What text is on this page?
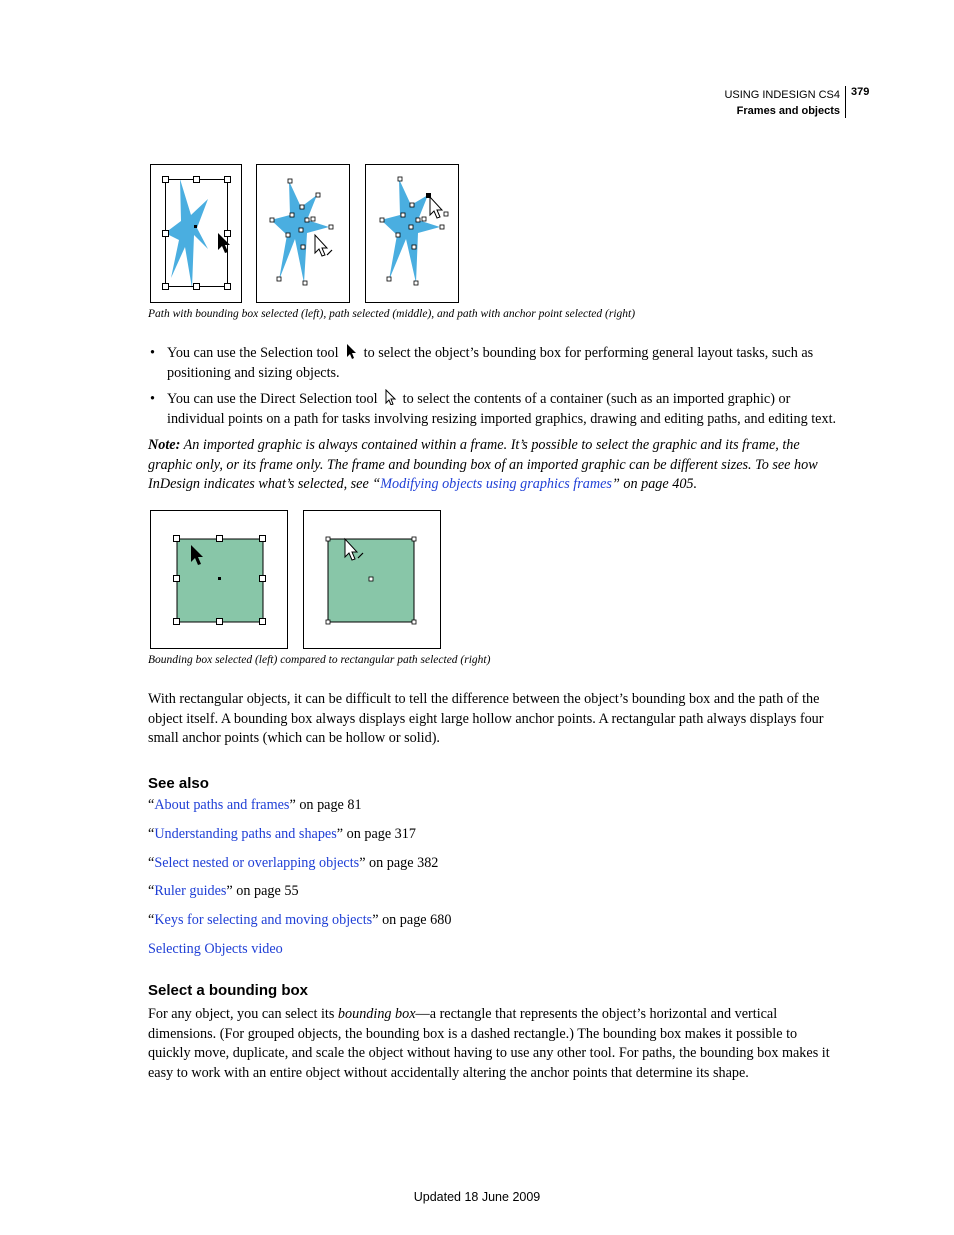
USING INDESIGN CS4
Frames and objects
379
Path with bounding box selected (left), path selected (middle), and path with anchor point selected (right)
• You can use the Selection tool to select the object’s bounding box for performing general layout tasks, such as positioning and sizing objects.
• You can use the Direct Selection tool to select the contents of a container (such as an imported graphic) or individual points on a path for tasks involving resizing imported graphics, drawing and editing paths, and editing text.
Note: An imported graphic is always contained within a frame. It’s possible to select the graphic and its frame, the graphic only, or its frame only. The frame and bounding box of an imported graphic can be different sizes. To see how InDesign indicates what’s selected, see “Modifying objects using graphics frames” on page 405.
Bounding box selected (left) compared to rectangular path selected (right)
With rectangular objects, it can be difficult to tell the difference between the object’s bounding box and the path of the object itself. A bounding box always displays eight large hollow anchor points. A rectangular path always displays four small anchor points (which can be hollow or solid).
See also
“About paths and frames” on page 81
“Understanding paths and shapes” on page 317
“Select nested or overlapping objects” on page 382
“Ruler guides” on page 55
“Keys for selecting and moving objects” on page 680
Selecting Objects video
Select a bounding box
For any object, you can select its bounding box—a rectangle that represents the object’s horizontal and vertical dimensions. (For grouped objects, the bounding box is a dashed rectangle.) The bounding box makes it possible to quickly move, duplicate, and scale the object without having to use any other tool. For paths, the bounding box makes it easy to work with an entire object without accidentally altering the anchor points that determine its shape.
Updated 18 June 2009
